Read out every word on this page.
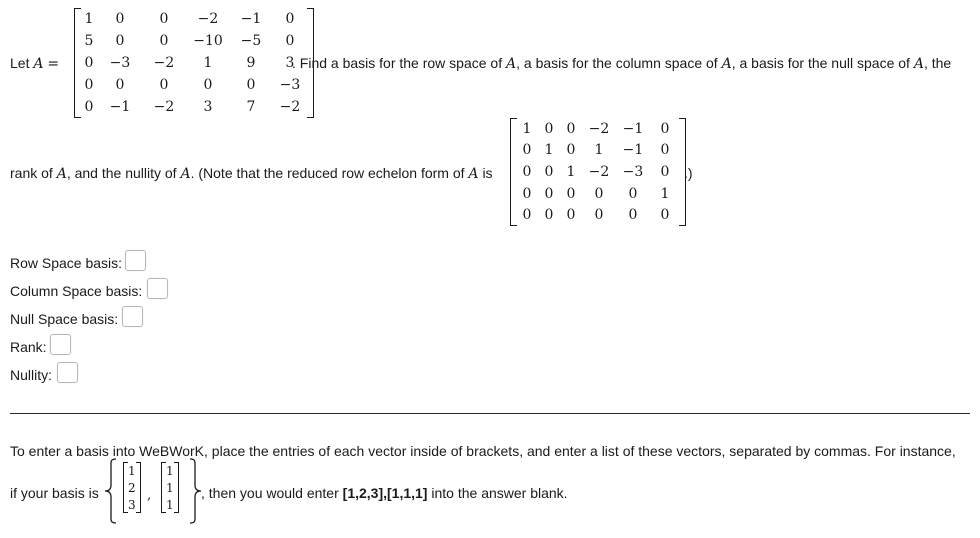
Let A =
1	0	0	−2	−1	0
5	0	0	−10	−5	0
0	−3	−2	1	9	3
0	0	0	0	0	−3
0	−1	−2	3	7	−2
. Find a basis for the row space of A, a basis for the column space of A, a basis for the null space of A, the
rank of A, and the nullity of A. (Note that the reduced row echelon form of A is
1	0	0	−2	−1	0
0	1	0	1	−1	0
0	0	1	−2	−3	0
0	0	0	0	0	1
0	0	0	0	0	0
.)
Row Space basis:
Column Space basis:
Null Space basis:
Rank:
Nullity:
To enter a basis into WeBWorK, place the entries of each vector inside of brackets, and enter a list of these vectors, separated by commas. For instance,
if your basis is
1
2
3
,
1
1
1
, then you would enter [1,2,3],[1,1,1] into the answer blank.
